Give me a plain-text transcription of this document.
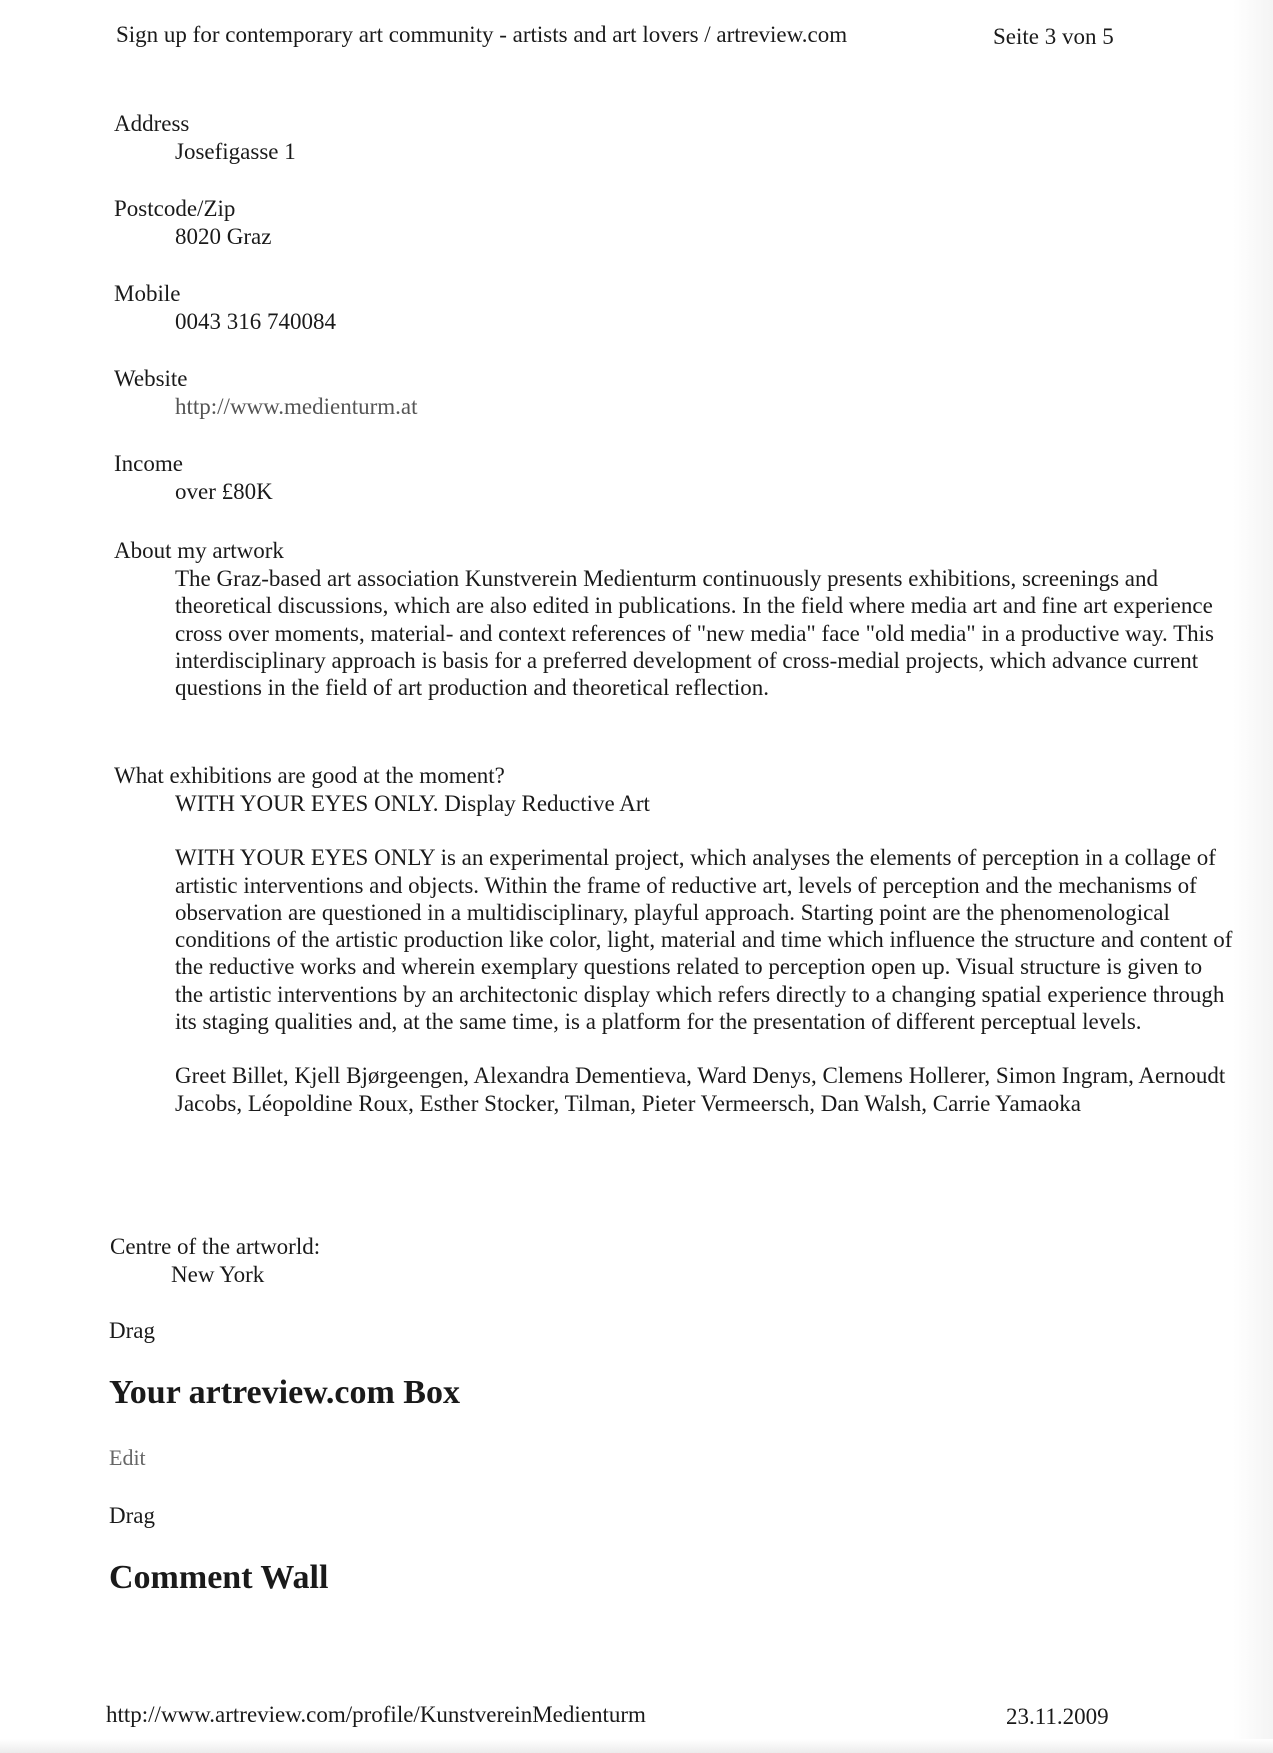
Sign up for contemporary art community - artists and art lovers / artreview.com	Seite 3 von 5
Address
Josefigasse 1
Postcode/Zip
8020 Graz
Mobile
0043 316 740084
Website
http://www.medienturm.at
Income
over £80K
About my artwork

The Graz-based art association Kunstverein Medienturm continuously presents exhibitions, screenings and theoretical discussions, which are also edited in publications. In the field where media art and fine art experience cross over moments, material- and context references of "new media" face "old media" in a productive way. This interdisciplinary approach is basis for a preferred development of cross-medial projects, which advance current questions in the field of art production and theoretical reflection.

What exhibitions are good at the moment?

WITH YOUR EYES ONLY. Display Reductive Art

WITH YOUR EYES ONLY is an experimental project, which analyses the elements of perception in a collage of artistic interventions and objects. Within the frame of reductive art, levels of perception and the mechanisms of observation are questioned in a multidisciplinary, playful approach. Starting point are the phenomenological conditions of the artistic production like color, light, material and time which influence the structure and content of the reductive works and wherein exemplary questions related to perception open up. Visual structure is given to the artistic interventions by an architectonic display which refers directly to a changing spatial experience through its staging qualities and, at the same time, is a platform for the presentation of different perceptual levels.

Greet Billet, Kjell Bjørgeengen, Alexandra Dementieva, Ward Denys, Clemens Hollerer, Simon Ingram, Aernoudt Jacobs, Léopoldine Roux, Esther Stocker, Tilman, Pieter Vermeersch, Dan Walsh, Carrie Yamaoka

Centre of the artworld:
New York
Drag
Your artreview.com Box
Edit
Drag
Comment Wall
http://www.artreview.com/profile/KunstvereinMedienturm	23.11.2009
